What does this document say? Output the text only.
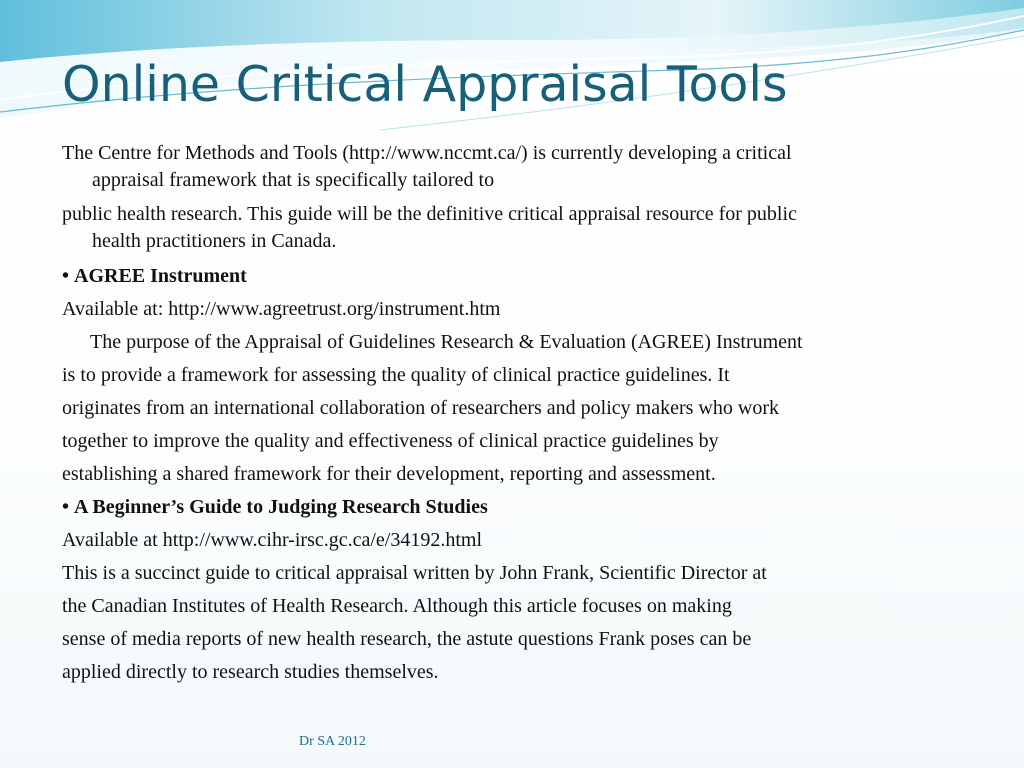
Online Critical Appraisal Tools
The Centre for Methods and Tools (http://www.nccmt.ca/) is currently developing a critical
appraisal framework that is specifically tailored to
public health research. This guide will be the definitive critical appraisal resource for public
health practitioners in Canada.
• AGREE Instrument
Available at: http://www.agreetrust.org/instrument.htm
The purpose of the Appraisal of Guidelines Research & Evaluation (AGREE) Instrument
is to provide a framework for assessing the quality of clinical practice guidelines. It
originates from an international collaboration of researchers and policy makers who work
together to improve the quality and effectiveness of clinical practice guidelines by
establishing a shared framework for their development, reporting and assessment.
• A Beginner’s Guide to Judging Research Studies
Available at http://www.cihr-irsc.gc.ca/e/34192.html
This is a succinct guide to critical appraisal written by John Frank, Scientific Director at
the Canadian Institutes of Health Research. Although this article focuses on making
sense of media reports of new health research, the astute questions Frank poses can be
applied directly to research studies themselves.
Dr SA 2012
